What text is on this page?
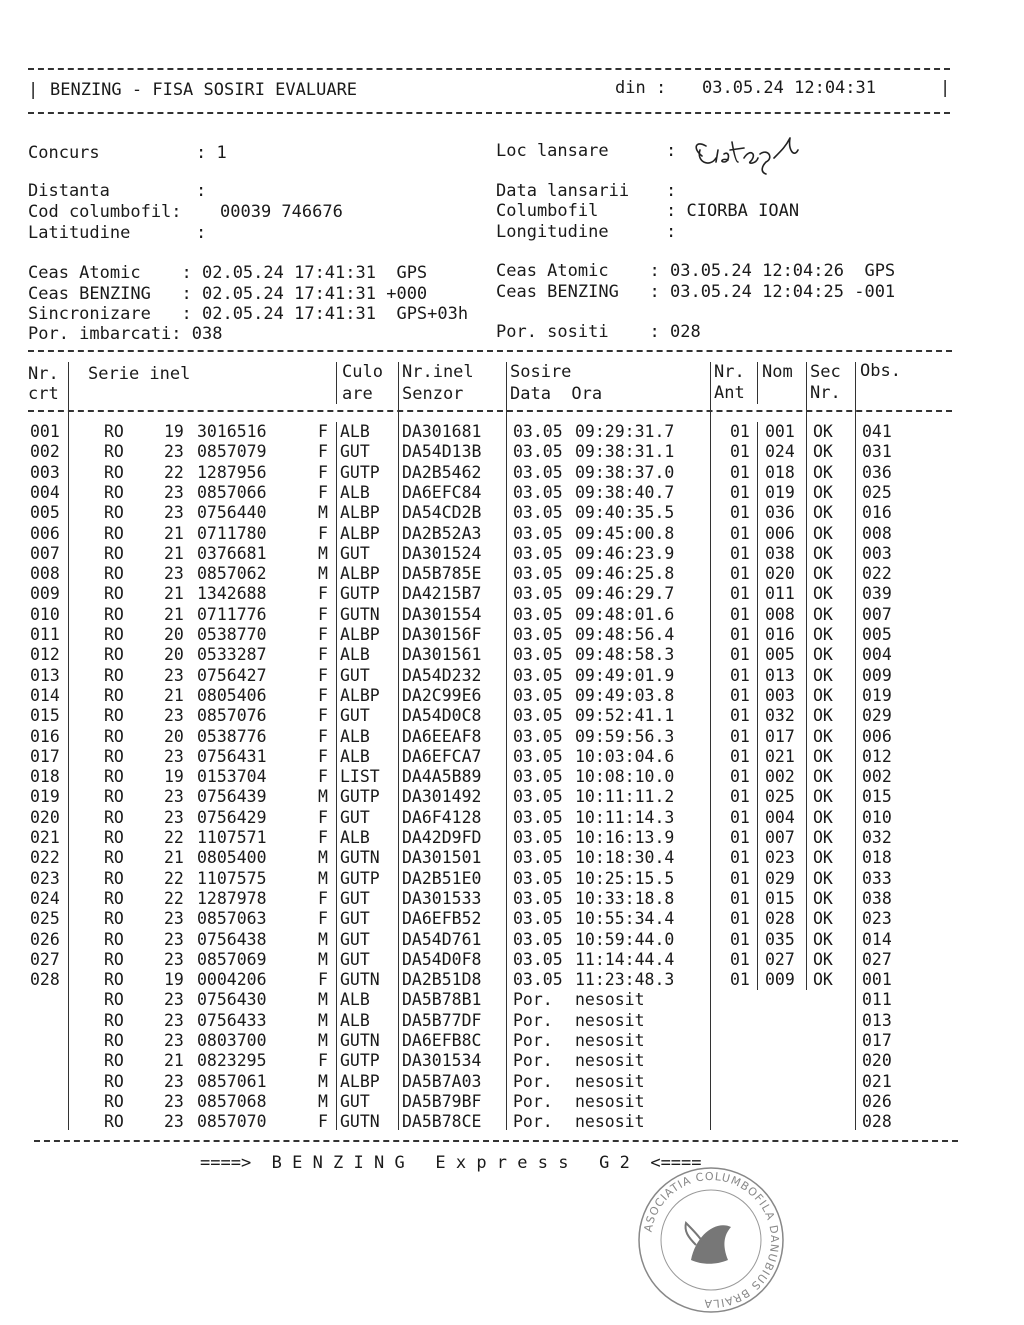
| BENZING - FISA SOSIRI EVALUARE	din : 03.05.24 12:04:31	|
Concurs	: 1	Loc lansare	:
Distanta	:	Data lansarii :
Cod columbofil: 00039 746676	Columbofil	: CIORBA IOAN
Latitudine	:	Longitudine	:
Ceas Atomic    : 02.05.24 17:41:31  GPS
Ceas BENZING   : 02.05.24 17:41:31 +000
Sincronizare   : 02.05.24 17:41:31  GPS+03h
Por. imbarcati: 038
Ceas Atomic    : 03.05.24 12:04:26  GPS
Ceas BENZING   : 03.05.24 12:04:25 -001
Por. sositi    : 028
Nr.
crt
Serie inel	Culo
are
Nr.inel
Senzor
Sosire
Data  Ora
Nr.
Ant
Nom Sec
Nr.
Obs.
001	RO 19 3016516	F ALB DA301681 03.05 09:29:31.7	01 001 OK 041
002	RO 23 0857079	F GUT DA54D13B 03.05 09:38:31.1	01 024 OK 031
003	RO 22 1287956	F GUTP DA2B5462 03.05 09:38:37.0	01 018 OK 036
004	RO 23 0857066	F ALB DA6EFC84 03.05 09:38:40.7	01 019 OK 025
005	RO 23 0756440	M ALBP DA54CD2B 03.05 09:40:35.5	01 036 OK 016
006	RO 21 0711780	F ALBP DA2B52A3 03.05 09:45:00.8	01 006 OK 008
007	RO 21 0376681	M GUT DA301524 03.05 09:46:23.9	01 038 OK 003
008	RO 23 0857062	M ALBP DA5B785E 03.05 09:46:25.8	01 020 OK 022
009	RO 21 1342688	F GUTP DA4215B7 03.05 09:46:29.7	01 011 OK 039
010	RO 21 0711776	F GUTN DA301554 03.05 09:48:01.6	01 008 OK 007
011	RO 20 0538770	F ALBP DA30156F 03.05 09:48:56.4	01 016 OK 005
012	RO 20 0533287	F ALB DA301561 03.05 09:48:58.3	01 005 OK 004
013	RO 23 0756427	F GUT DA54D232 03.05 09:49:01.9	01 013 OK 009
014	RO 21 0805406	F ALBP DA2C99E6 03.05 09:49:03.8	01 003 OK 019
015	RO 23 0857076	F GUT DA54D0C8 03.05 09:52:41.1	01 032 OK 029
016	RO 20 0538776	F ALB DA6EEAF8 03.05 09:59:56.3	01 017 OK 006
017	RO 23 0756431	F ALB DA6EFCA7 03.05 10:03:04.6	01 021 OK 012
018	RO 19 0153704	F LIST DA4A5B89 03.05 10:08:10.0	01 002 OK 002
019	RO 23 0756439	M GUTP DA301492 03.05 10:11:11.2	01 025 OK 015
020	RO 23 0756429	F GUT DA6F4128 03.05 10:11:14.3	01 004 OK 010
021	RO 22 1107571	F ALB DA42D9FD 03.05 10:16:13.9	01 007 OK 032
022	RO 21 0805400	M GUTN DA301501 03.05 10:18:30.4	01 023 OK 018
023	RO 22 1107575	M GUTP DA2B51E0 03.05 10:25:15.5	01 029 OK 033
024	RO 22 1287978	F GUT DA301533 03.05 10:33:18.8	01 015 OK 038
025	RO 23 0857063	F GUT DA6EFB52 03.05 10:55:34.4	01 028 OK 023
026	RO 23 0756438	M GUT DA54D761 03.05 10:59:44.0	01 035 OK 014
027	RO 23 0857069	M GUT DA54D0F8 03.05 11:14:44.4	01 027 OK 027
028	RO 19 0004206	F GUTN DA2B51D8 03.05 11:23:48.3	01 009 OK 001
RO 23 0756430	M ALB DA5B78B1 Por. nesosit	011
RO 23 0756433	M ALB DA5B77DF Por. nesosit	013
RO 23 0803700	M GUTN DA6EFB8C Por. nesosit	017
RO 21 0823295	F GUTP DA301534 Por. nesosit	020
RO 23 0857061	M ALBP DA5B7A03 Por. nesosit	021
RO 23 0857068	M GUT DA5B79BF Por. nesosit	026
RO 23 0857070	F GUTN DA5B78CE Por. nesosit	028
====>  B E N Z I N G   E x p r e s s   G 2  <====
ASOCIATIA COLUMBOFILA DANUBIUS BRAILA
